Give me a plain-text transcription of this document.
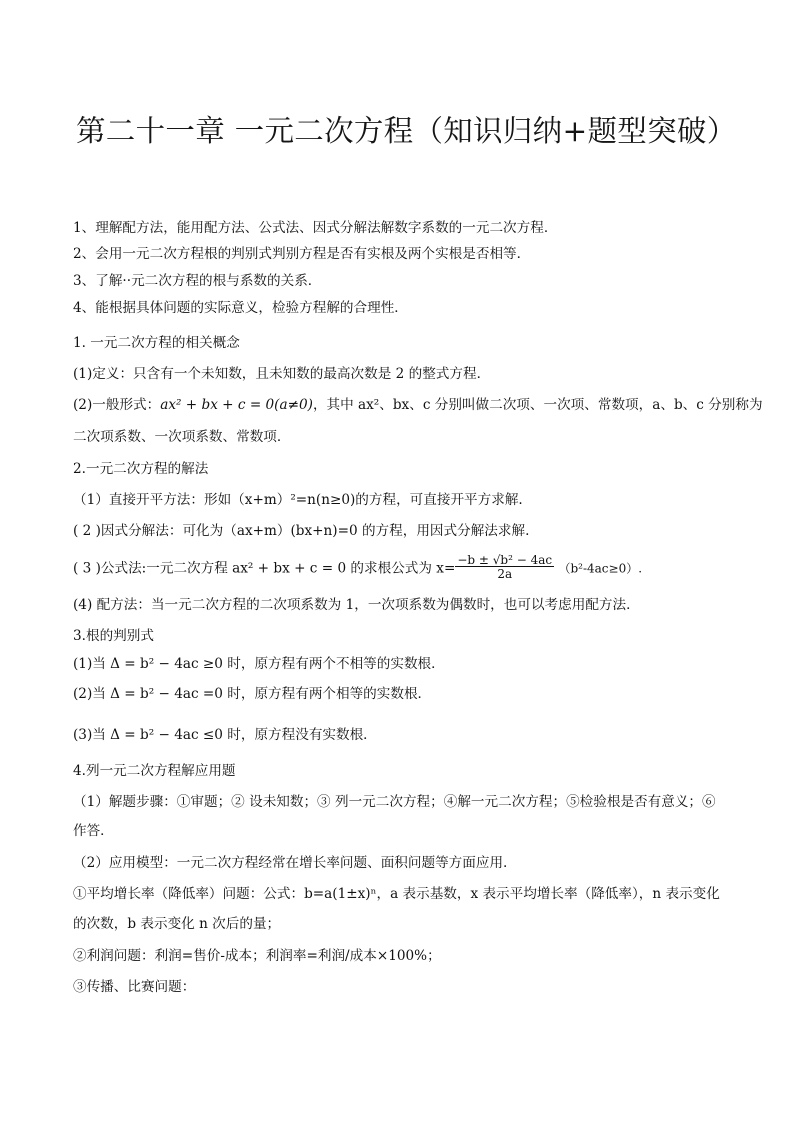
第二十一章 一元二次方程（知识归纳+题型突破）
1、理解配方法，能用配方法、公式法、因式分解法解数字系数的一元二次方程．
2、会用一元二次方程根的判别式判别方程是否有实根及两个实根是否相等．
3、了解··元二次方程的根与系数的关系．
4、能根据具体问题的实际意义，检验方程解的合理性．
1. 一元二次方程的相关概念
(1)定义：只含有一个未知数，且未知数的最高次数是 2 的整式方程．
(2)一般形式：ax² + bx + c = 0(a≠0)，其中 ax²、bx、c 分别叫做二次项、一次项、常数项，a、b、c 分别称为
二次项系数、一次项系数、常数项．
2.一元二次方程的解法
（1）直接开平方法：形如（x+m）²=n(n≥0)的方程，可直接开平方求解.
( 2 )因式分解法：可化为（ax+m）(bx+n)=0 的方程，用因式分解法求解.
( 3 )公式法:一元二次方程 ax² + bx + c = 0 的求根公式为 $x= \frac{\text{−b ± √b² − 4ac}}{2a} (b^2-4ac\ge 0)$.
(4) 配方法：当一元二次方程的二次项系数为 1，一次项系数为偶数时，也可以考虑用配方法．
3.根的判别式
(1)当 Δ = b² − 4ac ≥0 时，原方程有两个不相等的实数根．
(2)当 Δ = b² − 4ac =0 时，原方程有两个相等的实数根．
(3)当 Δ = b² − 4ac ≤0 时，原方程没有实数根．
4.列一元二次方程解应用题
（1）解题步骤：①审题；② 设未知数；③ 列一元二次方程；④解一元二次方程；⑤检验根是否有意义；⑥
作答．
（2）应用模型：一元二次方程经常在增长率问题、面积问题等方面应用.
①平均增长率（降低率）问题：公式：b=a(1±x)ⁿ，a 表示基数，x 表示平均增长率（降低率），n 表示变化
的次数，b 表示变化 n 次后的量；
②利润问题：利润=售价-成本；利润率=利润/成本×100%；
③传播、比赛问题：
